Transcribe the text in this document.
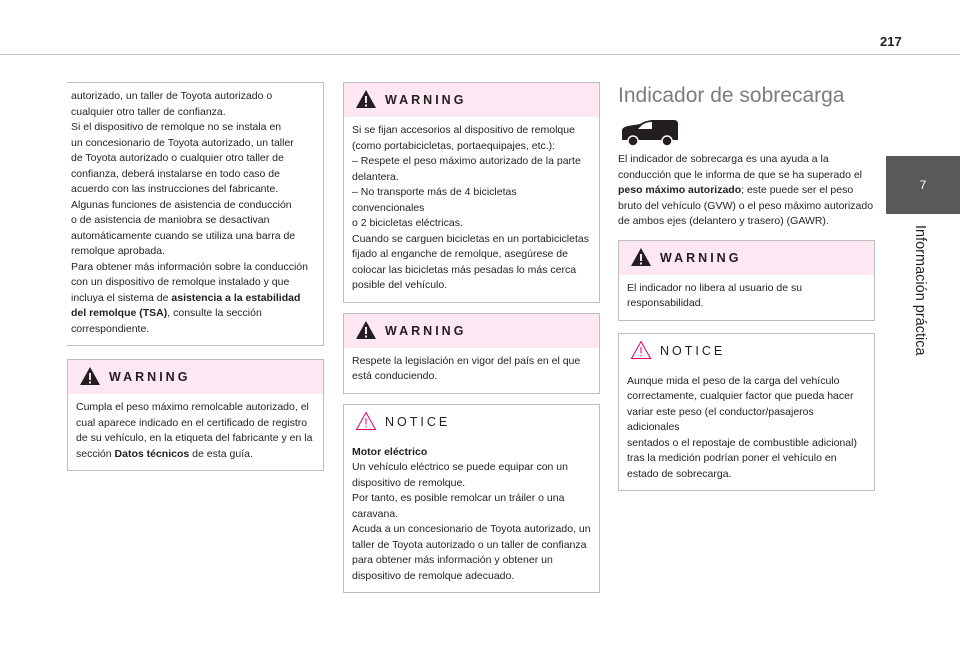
217
7
Información práctica

autorizado, un taller de Toyota autorizado o

cualquier otro taller de confianza.

Si el dispositivo de remolque no se instala en

un concesionario de Toyota autorizado, un taller

de Toyota autorizado o cualquier otro taller de

confianza, deberá instalarse en todo caso de

acuerdo con las instrucciones del fabricante.

Algunas funciones de asistencia de conducción

o de asistencia de maniobra se desactivan

automáticamente cuando se utiliza una barra de

remolque aprobada.

Para obtener más información sobre la conducción

con un dispositivo de remolque instalado y que

incluya el sistema de asistencia a la estabilidad

del remolque (TSA), consulte la sección

correspondiente.

WARNING

Cumpla el peso máximo remolcable autorizado, el

cual aparece indicado en el certificado de registro

de su vehículo, en la etiqueta del fabricante y en la

sección Datos técnicos de esta guía.

WARNING

Si se fijan accesorios al dispositivo de remolque

(como portabicicletas, portaequipajes, etc.):

– Respete el peso máximo autorizado de la parte

delantera.

– No transporte más de 4 bicicletas convencionales

o 2 bicicletas eléctricas.

Cuando se carguen bicicletas en un portabicicletas

fijado al enganche de remolque, asegúrese de

colocar las bicicletas más pesadas lo más cerca

posible del vehículo.

WARNING

Respete la legislación en vigor del país en el que

está conduciendo.

NOTICE

Motor eléctrico

Un vehículo eléctrico se puede equipar con un

dispositivo de remolque.

Por tanto, es posible remolcar un tráiler o una

caravana.

Acuda a un concesionario de Toyota autorizado, un

taller de Toyota autorizado o un taller de confianza

para obtener más información y obtener un

dispositivo de remolque adecuado.

Indicador de sobrecarga

El indicador de sobrecarga es una ayuda a la

conducción que le informa de que se ha superado el

peso máximo autorizado; este puede ser el peso

bruto del vehículo (GVW) o el peso máximo autorizado

de ambos ejes (delantero y trasero) (GAWR).

WARNING

El indicador no libera al usuario de su

responsabilidad.

NOTICE

Aunque mida el peso de la carga del vehículo

correctamente, cualquier factor que pueda hacer

variar este peso (el conductor/pasajeros adicionales

sentados o el repostaje de combustible adicional)

tras la medición podrían poner el vehículo en

estado de sobrecarga.
